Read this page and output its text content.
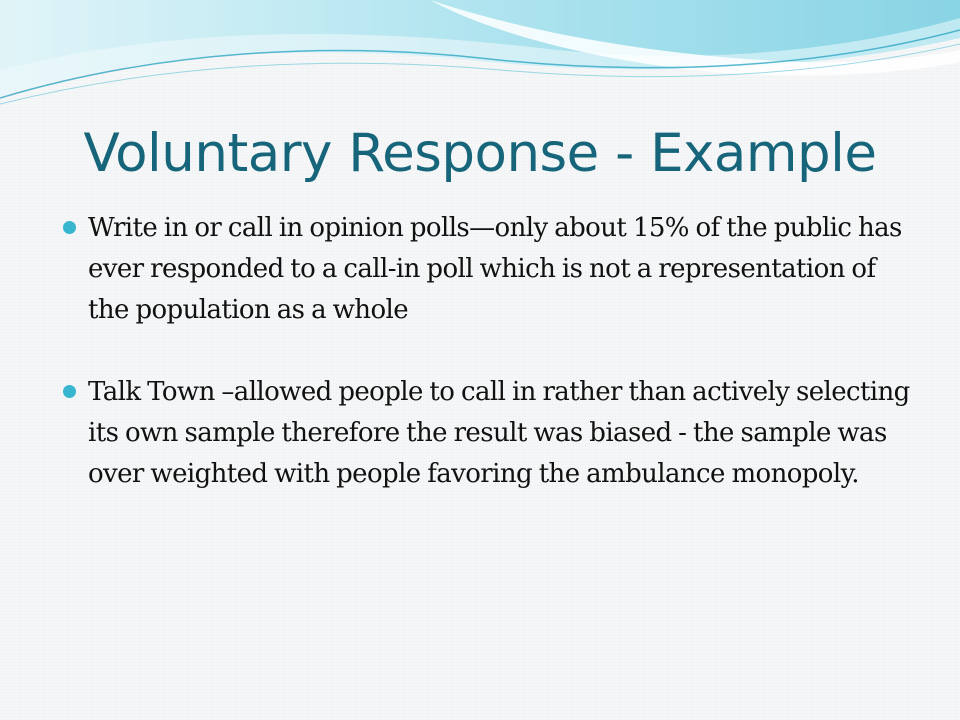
Voluntary Response - Example

Write in or call in opinion polls—only about 15% of the public has ever responded to a call-in poll which is not a representation of the population as a whole

Talk Town –allowed people to call in rather than actively selecting its own sample therefore the result was biased - the sample was over weighted with people favoring the ambulance monopoly.
